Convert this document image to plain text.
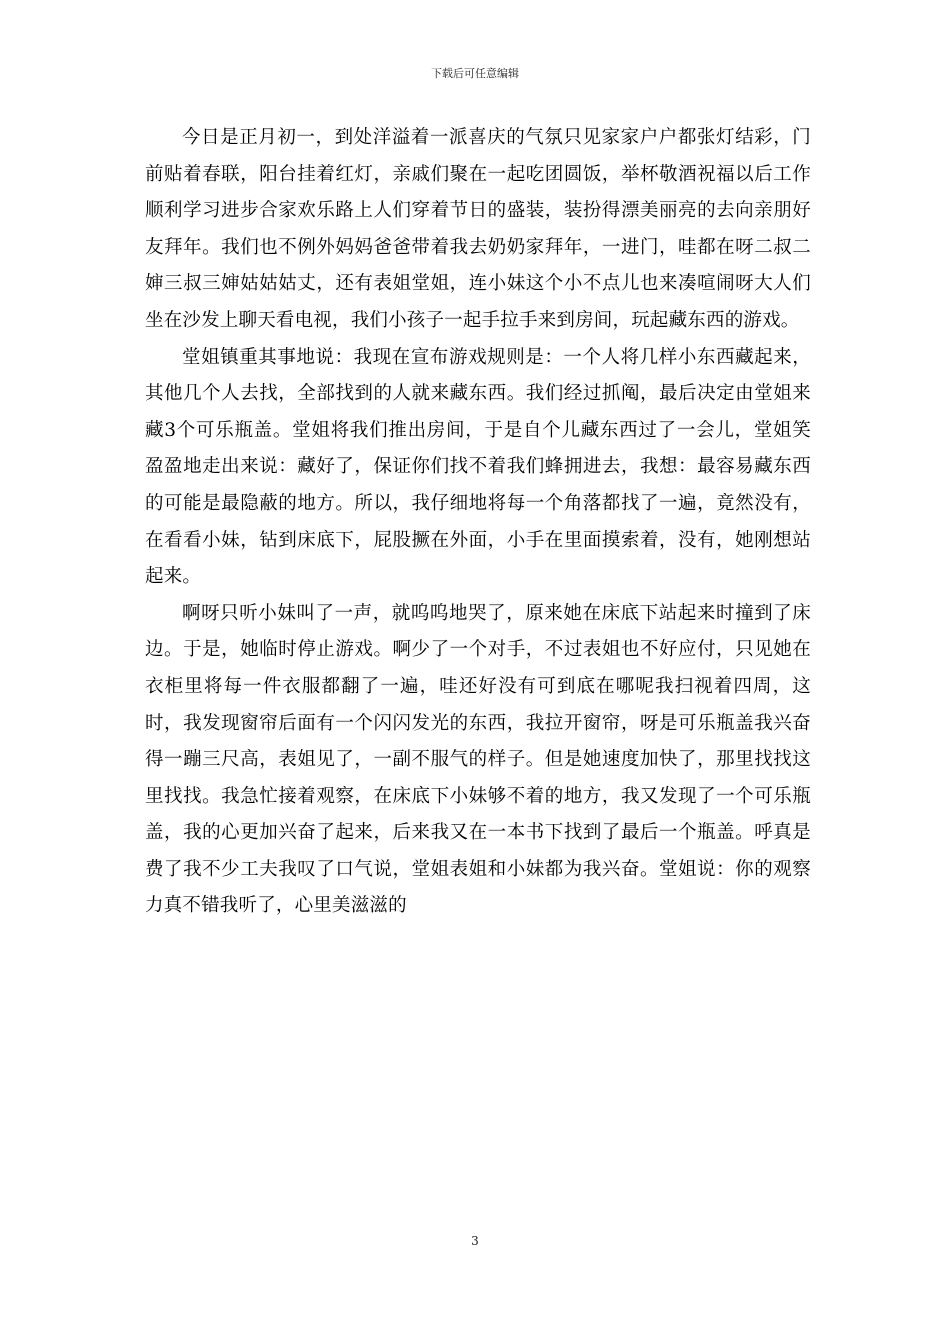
下载后可任意编辑

今日是正月初一，到处洋溢着一派喜庆的气氛只见家家户户都张灯结彩，门前贴着春联，阳台挂着红灯，亲戚们聚在一起吃团圆饭，举杯敬酒祝福以后工作顺利学习进步合家欢乐路上人们穿着节日的盛装，装扮得漂美丽亮的去向亲朋好友拜年。我们也不例外妈妈爸爸带着我去奶奶家拜年，一进门，哇都在呀二叔二婶三叔三婶姑姑姑丈，还有表姐堂姐，连小妹这个小不点儿也来凑喧闹呀大人们坐在沙发上聊天看电视，我们小孩子一起手拉手来到房间，玩起藏东西的游戏。

堂姐镇重其事地说：我现在宣布游戏规则是：一个人将几样小东西藏起来，其他几个人去找，全部找到的人就来藏东西。我们经过抓阄，最后决定由堂姐来藏3个可乐瓶盖。堂姐将我们推出房间，于是自个儿藏东西过了一会儿，堂姐笑盈盈地走出来说：藏好了，保证你们找不着我们蜂拥进去，我想：最容易藏东西的可能是最隐蔽的地方。所以，我仔细地将每一个角落都找了一遍，竟然没有，在看看小妹，钻到床底下，屁股撅在外面，小手在里面摸索着，没有，她刚想站起来。

啊呀只听小妹叫了一声，就呜呜地哭了，原来她在床底下站起来时撞到了床边。于是，她临时停止游戏。啊少了一个对手，不过表姐也不好应付，只见她在衣柜里将每一件衣服都翻了一遍，哇还好没有可到底在哪呢我扫视着四周，这时，我发现窗帘后面有一个闪闪发光的东西，我拉开窗帘，呀是可乐瓶盖我兴奋得一蹦三尺高，表姐见了，一副不服气的样子。但是她速度加快了，那里找找这里找找。我急忙接着观察，在床底下小妹够不着的地方，我又发现了一个可乐瓶盖，我的心更加兴奋了起来，后来我又在一本书下找到了最后一个瓶盖。呼真是费了我不少工夫我叹了口气说，堂姐表姐和小妹都为我兴奋。堂姐说：你的观察力真不错我听了，心里美滋滋的

3
